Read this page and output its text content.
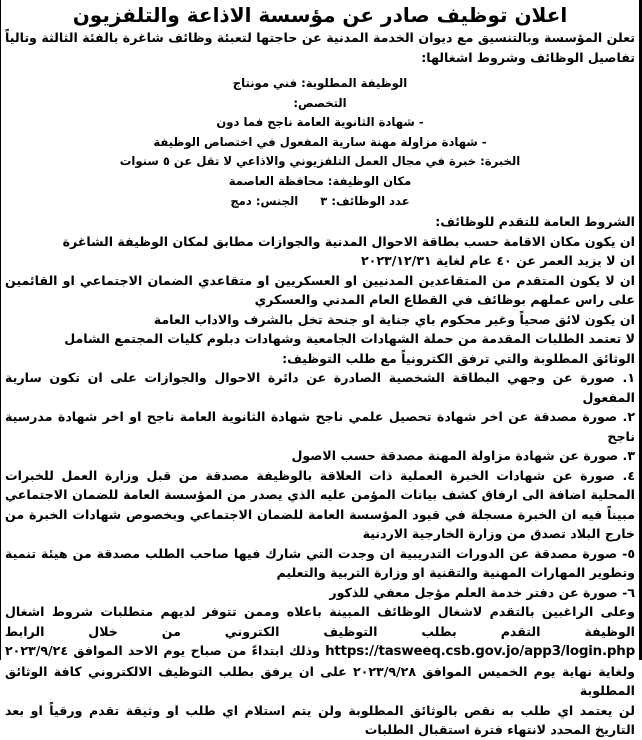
اعلان توظيف صادر عن مؤسسة الاذاعة والتلفزيون

تعلن المؤسسة وبالتنسيق مع ديوان الخدمة المدنية عن حاجتها لتعبئة وظائف شاغرة بالفئة الثالثة وتالياً تفاصيل الوظائف وشروط اشغالها:

الوظيفة المطلوبة: فني مونتاج
التخصص:
- شهادة الثانوية العامة ناجح فما دون
- شهادة مزاولة مهنة سارية المفعول في اختصاص الوظيفة
الخبرة: خبرة في مجال العمل التلفزيوني والاذاعي لا تقل عن ٥ سنوات
مكان الوظيفة: محافظة العاصمة
عدد الوظائف: ٣الجنس: دمج

الشروط العامة للتقدم للوظائف:

ان يكون مكان الاقامة حسب بطاقة الاحوال المدنية والجوازات مطابق لمكان الوظيفة الشاغرة

ان لا يزيد العمر عن ٤٠ عام لغاية ٢٠٢٣/١٢/٣١

ان لا يكون المتقدم من المتقاعدين المدنيين او العسكريين او متقاعدي الضمان الاجتماعي او القائمين على راس عملهم بوظائف في القطاع العام المدني والعسكري

ان يكون لائق صحياً وغير محكوم باي جناية او جنحة تخل بالشرف والاداب العامة

لا تعتمد الطلبات المقدمة من حملة الشهادات الجامعية وشهادات دبلوم كليات المجتمع الشامل

الوثائق المطلوبة والتي ترفق الكترونياً مع طلب التوظيف:

١. صورة عن وجهي البطاقة الشخصية الصادرة عن دائرة الاحوال والجوازات على ان تكون سارية المفعول

٢. صورة مصدقة عن اخر شهادة تحصيل علمي ناجح شهادة الثانوية العامة ناجح او اخر شهادة مدرسية ناجح

٣. صورة عن شهادة مزاولة المهنة مصدقة حسب الاصول

٤. صورة عن شهادات الخبرة العملية ذات العلاقة بالوظيفة مصدقة من قبل وزارة العمل للخبرات المحلية اضافة الى ارفاق كشف بيانات المؤمن عليه الذي يصدر من المؤسسة العامة للضمان الاجتماعي مبيناً فيه ان الخبرة مسجلة في قيود المؤسسة العامة للضمان الاجتماعي وبخصوص شهادات الخبرة من خارج البلاد تصدق من وزارة الخارجية الاردنية

٥- صورة مصدقة عن الدورات التدريبية ان وجدت التي شارك فيها صاحب الطلب مصدقة من هيئة تنمية وتطوير المهارات المهنية والتقنية او وزارة التربية والتعليم

٦- صورة عن دفتر خدمة العلم مؤجل معفي للذكور

وعلى الراغبين بالتقدم لاشغال الوظائف المبينة باعلاه وممن تتوفر لديهم متطلبات شروط اشغال الوظيفة التقدم بطلب التوظيف الكتروني من خلال الرابط https://tasweeq.csb.gov.jo/app3/login.php وذلك ابتداءً من صباح يوم الاحد الموافق ٢٠٢٣/٩/٢٤ ولغاية نهاية يوم الخميس الموافق ٢٠٢٣/٩/٢٨ على ان يرفق بطلب التوظيف الالكتروني كافة الوثائق المطلوبة

لن يعتمد اي طلب به نقص بالوثائق المطلوبة ولن يتم استلام اي طلب او وثيقة تقدم ورقياً او بعد التاريخ المحدد لانتهاء فترة استقبال الطلبات
